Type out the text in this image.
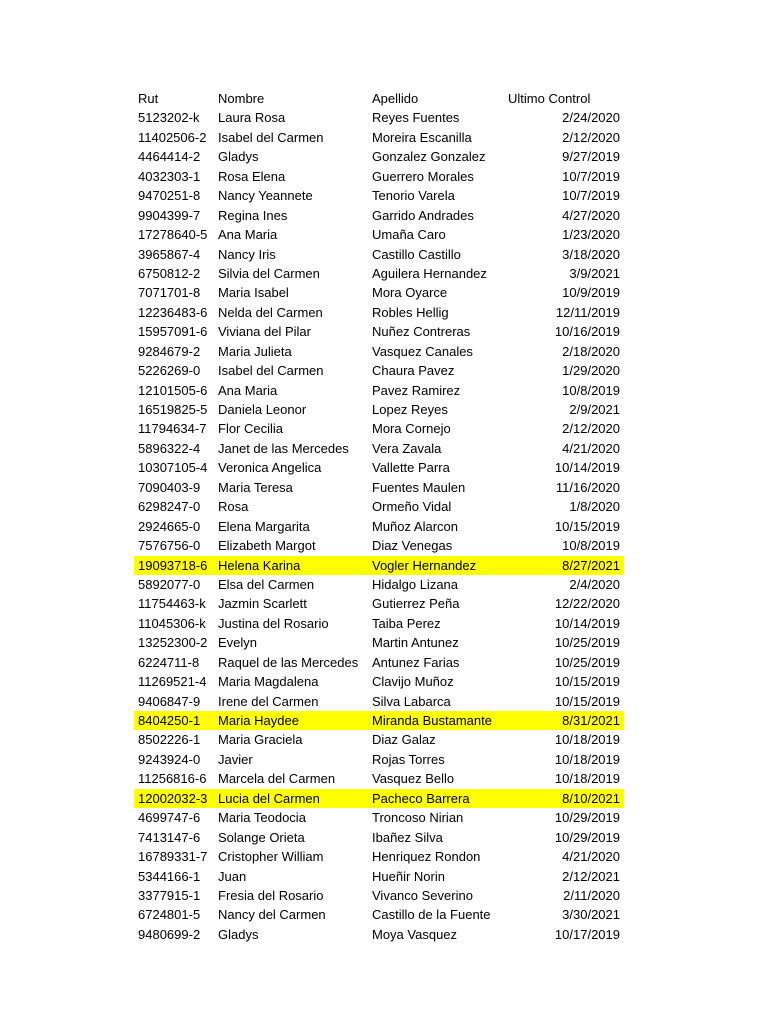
Rut	Nombre	Apellido	Ultimo Control
5123202-k	Laura Rosa	Reyes Fuentes	2/24/2020
11402506-2 Isabel del Carmen	Moreira Escanilla	2/12/2020
4464414-2	Gladys	Gonzalez Gonzalez	9/27/2019
4032303-1	Rosa Elena	Guerrero Morales	10/7/2019
9470251-8	Nancy Yeannete	Tenorio Varela	10/7/2019
9904399-7	Regina Ines	Garrido Andrades	4/27/2020
17278640-5 Ana Maria	Umaña Caro	1/23/2020
3965867-4	Nancy Iris	Castillo Castillo	3/18/2020
6750812-2	Silvia del Carmen	Aguilera Hernandez	3/9/2021
7071701-8	Maria Isabel	Mora Oyarce	10/9/2019
12236483-6 Nelda del Carmen	Robles Hellig	12/11/2019
15957091-6 Viviana del Pilar	Nuñez Contreras	10/16/2019
9284679-2	Maria Julieta	Vasquez Canales	2/18/2020
5226269-0	Isabel del Carmen	Chaura Pavez	1/29/2020
12101505-6 Ana Maria	Pavez Ramirez	10/8/2019
16519825-5 Daniela Leonor	Lopez Reyes	2/9/2021
11794634-7 Flor Cecilia	Mora Cornejo	2/12/2020
5896322-4	Janet de las Mercedes	Vera Zavala	4/21/2020
10307105-4 Veronica Angelica	Vallette Parra	10/14/2019
7090403-9	Maria Teresa	Fuentes Maulen	11/16/2020
6298247-0	Rosa	Ormeño Vidal	1/8/2020
2924665-0	Elena Margarita	Muñoz Alarcon	10/15/2019
7576756-0	Elizabeth Margot	Diaz Venegas	10/8/2019
19093718-6 Helena Karina	Vogler Hernandez	8/27/2021
5892077-0	Elsa del Carmen	Hidalgo Lizana	2/4/2020
11754463-k Jazmin Scarlett	Gutierrez Peña	12/22/2020
11045306-k Justina del Rosario	Taiba Perez	10/14/2019
13252300-2 Evelyn	Martin Antunez	10/25/2019
6224711-8	Raquel de las Mercedes	Antunez Farias	10/25/2019
11269521-4 Maria Magdalena	Clavijo Muñoz	10/15/2019
9406847-9	Irene del Carmen	Silva Labarca	10/15/2019
8404250-1	Maria Haydee	Miranda Bustamante	8/31/2021
8502226-1	Maria Graciela	Diaz Galaz	10/18/2019
9243924-0	Javier	Rojas Torres	10/18/2019
11256816-6 Marcela del Carmen	Vasquez Bello	10/18/2019
12002032-3 Lucia del Carmen	Pacheco Barrera	8/10/2021
4699747-6	Maria Teodocia	Troncoso Nirian	10/29/2019
7413147-6	Solange Orieta	Ibañez Silva	10/29/2019
16789331-7 Cristopher William	Henriquez Rondon	4/21/2020
5344166-1	Juan	Hueñir Norin	2/12/2021
3377915-1	Fresia del Rosario	Vivanco Severino	2/11/2020
6724801-5	Nancy del Carmen	Castillo de la Fuente	3/30/2021
9480699-2	Gladys	Moya Vasquez	10/17/2019
